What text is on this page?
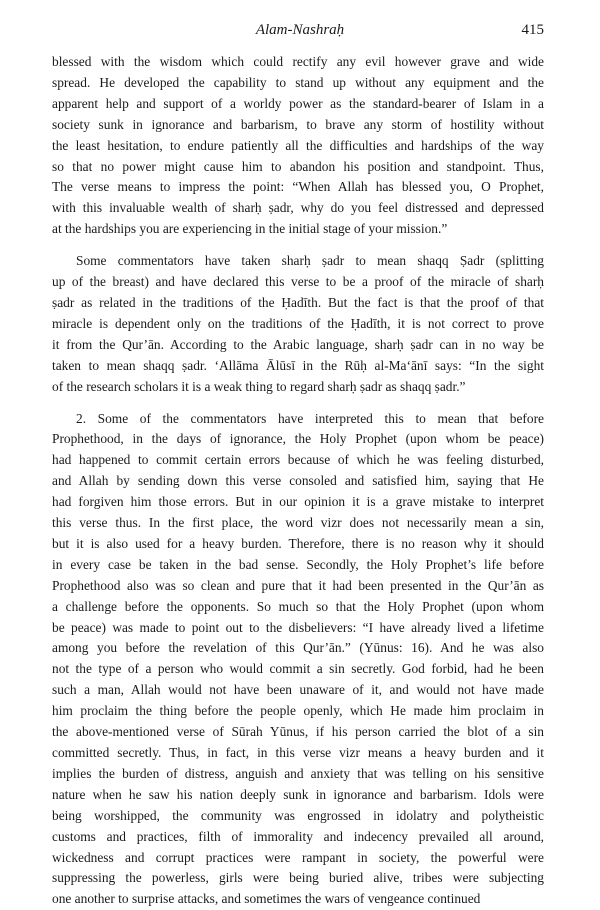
Alam-Nashraḥ	415
blessed with the wisdom which could rectify any evil however grave and wide
spread. He developed the capability to stand up without any equipment and the
apparent help and support of a worldy power as the standard-bearer of Islam in a
society sunk in ignorance and barbarism, to brave any storm of hostility without
the least hesitation, to endure patiently all the difficulties and hardships of the way
so that no power might cause him to abandon his position and standpoint. Thus,
The verse means to impress the point: “When Allah has blessed you, O Prophet,
with this invaluable wealth of sharḥ ṣadr, why do you feel distressed and depressed
at the hardships you are experiencing in the initial stage of your mission.”
Some commentators have taken sharḥ ṣadr to mean shaqq Ṣadr (splitting
up of the breast) and have declared this verse to be a proof of the miracle of sharḥ
ṣadr as related in the traditions of the Ḥadīth. But the fact is that the proof of that
miracle is dependent only on the traditions of the Ḥadīth, it is not correct to prove
it from the Qur’ān. According to the Arabic language, sharḥ ṣadr can in no way be
taken to mean shaqq ṣadr. ‘Allāma Ālūsī in the Rūḥ al-Ma‘ānī says: “In the sight
of the research scholars it is a weak thing to regard sharḥ ṣadr as shaqq ṣadr.”
2. Some of the commentators have interpreted this to mean that before
Prophethood, in the days of ignorance, the Holy Prophet (upon whom be peace)
had happened to commit certain errors because of which he was feeling disturbed,
and Allah by sending down this verse consoled and satisfied him, saying that He
had forgiven him those errors. But in our opinion it is a grave mistake to interpret
this verse thus. In the first place, the word vizr does not necessarily mean a sin,
but it is also used for a heavy burden. Therefore, there is no reason why it should
in every case be taken in the bad sense. Secondly, the Holy Prophet’s life before
Prophethood also was so clean and pure that it had been presented in the Qur’ān as
a challenge before the opponents. So much so that the Holy Prophet (upon whom
be peace) was made to point out to the disbelievers: “I have already lived a lifetime
among you before the revelation of this Qur’ān.” (Yūnus: 16). And he was also
not the type of a person who would commit a sin secretly. God forbid, had he been
such a man, Allah would not have been unaware of it, and would not have made
him proclaim the thing before the people openly, which He made him proclaim in
the above-mentioned verse of Sūrah Yūnus, if his person carried the blot of a sin
committed secretly. Thus, in fact, in this verse vizr means a heavy burden and it
implies the burden of distress, anguish and anxiety that was telling on his sensitive
nature when he saw his nation deeply sunk in ignorance and barbarism. Idols were
being worshipped, the community was engrossed in idolatry and polytheistic
customs and practices, filth of immorality and indecency prevailed all around,
wickedness and corrupt practices were rampant in society, the powerful were
suppressing the powerless, girls were being buried alive, tribes were subjecting
one another to surprise attacks, and sometimes the wars of vengeance continued
